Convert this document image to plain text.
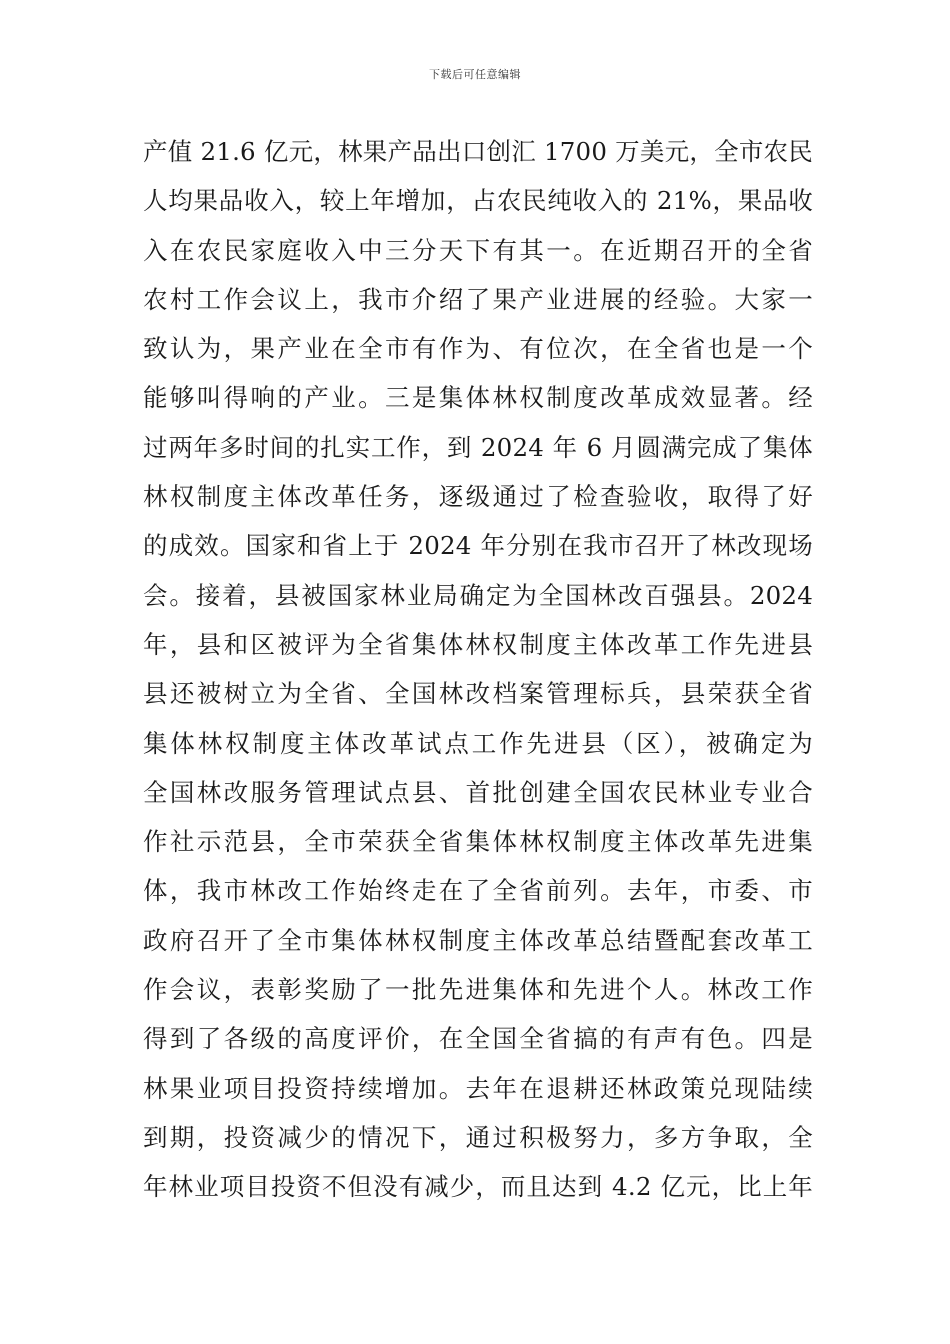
下载后可任意编辑
产值 21.6 亿元，林果产品出口创汇 1700 万美元，全市农民
人均果品收入，较上年增加，占农民纯收入的 21%，果品收
入在农民家庭收入中三分天下有其一。在近期召开的全省
农村工作会议上，我市介绍了果产业进展的经验。大家一
致认为，果产业在全市有作为、有位次，在全省也是一个
能够叫得响的产业。三是集体林权制度改革成效显著。经
过两年多时间的扎实工作，到 2024 年 6 月圆满完成了集体
林权制度主体改革任务，逐级通过了检查验收，取得了好
的成效。国家和省上于 2024 年分别在我市召开了林改现场
会。接着，县被国家林业局确定为全国林改百强县。2024
年，县和区被评为全省集体林权制度主体改革工作先进县
县还被树立为全省、全国林改档案管理标兵，县荣获全省
集体林权制度主体改革试点工作先进县（区），被确定为
全国林改服务管理试点县、首批创建全国农民林业专业合
作社示范县，全市荣获全省集体林权制度主体改革先进集
体，我市林改工作始终走在了全省前列。去年，市委、市
政府召开了全市集体林权制度主体改革总结暨配套改革工
作会议，表彰奖励了一批先进集体和先进个人。林改工作
得到了各级的高度评价，在全国全省搞的有声有色。四是
林果业项目投资持续增加。去年在退耕还林政策兑现陆续
到期，投资减少的情况下，通过积极努力，多方争取，全
年林业项目投资不但没有减少，而且达到 4.2 亿元，比上年
